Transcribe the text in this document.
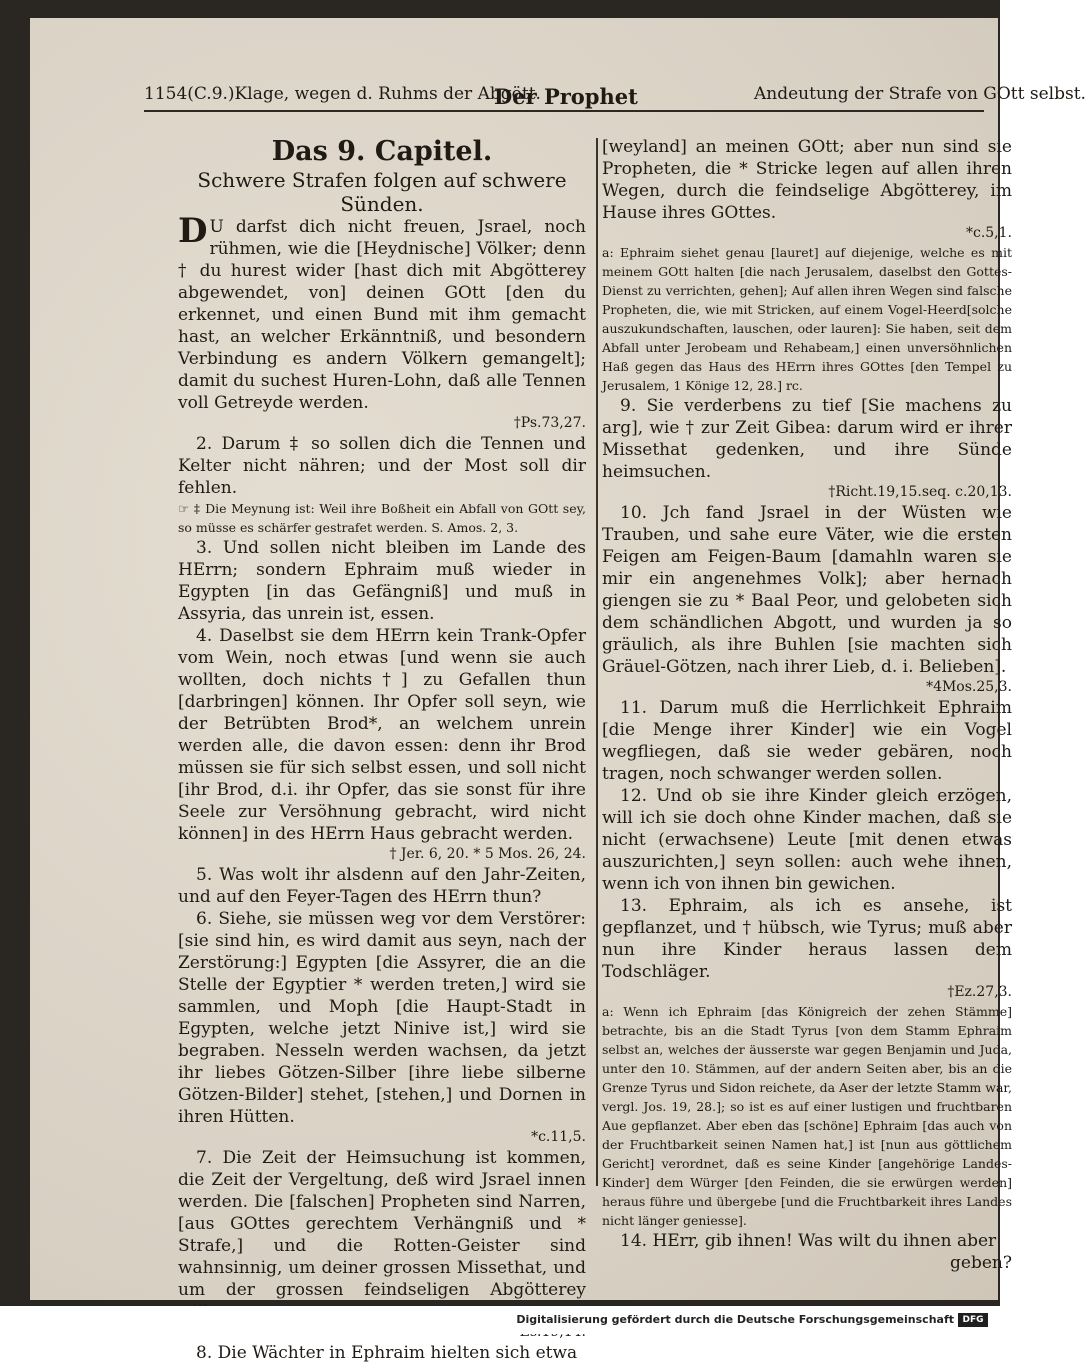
1154(C.9.)Klage, wegen d. Ruhms der Abgött.
Der Prophet	Andeutung der Strafe von GOtt selbst.

Das 9. Capitel.

Schwere Strafen folgen auf schwere Sünden.

D U darfst dich nicht freuen, Jsrael, noch rühmen, wie die [Heydnische] Völker; denn † du hurest wider [hast dich mit Abgötterey abgewendet, von] deinen GOtt [den du erkennet, und einen Bund mit ihm gemacht hast, an welcher Erkänntniß, und besondern Verbindung es andern Völkern gemangelt]; damit du suchest Huren-Lohn, daß alle Tennen voll Getreyde werden.
†Ps.73,27.

2. Darum ‡ so sollen dich die Tennen und Kelter nicht nähren; und der Most soll dir fehlen.

☞ ‡ Die Meynung ist: Weil ihre Boßheit ein Abfall von GOtt sey, so müsse es schärfer gestrafet werden. S. Amos. 2, 3.

3. Und sollen nicht bleiben im Lande des HErrn; sondern Ephraim muß wieder in Egypten [in das Gefängniß] und muß in Assyria, das unrein ist, essen.

4. Daselbst sie dem HErrn kein Trank-Opfer vom Wein, noch etwas [und wenn sie auch wollten, doch nichts†] zu Gefallen thun [darbringen] können. Ihr Opfer soll seyn, wie der Betrübten Brod*, an welchem unrein werden alle, die davon essen: denn ihr Brod müssen sie für sich selbst essen, und soll nicht [ihr Brod, d.i. ihr Opfer, das sie sonst für ihre Seele zur Versöhnung gebracht, wird nicht können] in des HErrn Haus gebracht werden.

† Jer. 6, 20. * 5 Mos. 26, 24.

5. Was wolt ihr alsdenn auf den Jahr-Zeiten, und auf den Feyer-Tagen des HErrn thun?

6. Siehe, sie müssen weg vor dem Verstörer: [sie sind hin, es wird damit aus seyn, nach der Zerstörung:] Egypten [die Assyrer, die an die Stelle der Egyptier * werden treten,] wird sie sammlen, und Moph [die Haupt-Stadt in Egypten, welche jetzt Ninive ist,] wird sie begraben. Nesseln werden wachsen, da jetzt ihr liebes Götzen-Silber [ihre liebe silberne Götzen-Bilder] stehet, [stehen,] und Dornen in ihren Hütten.

*c.11,5.

7. Die Zeit der Heimsuchung ist kommen, die Zeit der Vergeltung, deß wird Jsrael innen werden. Die [falschen] Propheten sind Narren, [aus GOttes gerechtem Verhängniß und * Strafe,] und die Rotten-Geister sind wahnsinnig, um deiner grossen Missethat, und um der grossen feindseligen Abgötterey

8. Die Wächter in Ephraim hielten sich etwa

[weyland] an meinen GOtt; aber nun sind sie Propheten, die * Stricke legen auf allen ihren Wegen, durch die feindselige Abgötterey, im Hause ihres GOttes.

*c.5,1.

a: Ephraim siehet genau [lauret] auf diejenige, welche es mit meinem GOtt halten [die nach Jerusalem, daselbst den Gottes-Dienst zu verrichten, gehen]; Auf allen ihren Wegen sind falsche Propheten, die, wie mit Stricken, auf einem Vogel-Heerd[solche auszukundschaften, lauschen, oder lauren]: Sie haben, seit dem Abfall unter Jerobeam und Rehabeam,] einen unversöhnlichen Haß gegen das Haus des HErrn ihres GOttes [den Tempel zu Jerusalem, 1 Könige 12, 28.] rc.

9. Sie verderbens zu tief [Sie machens zu arg], wie † zur Zeit Gibea: darum wird er ihrer Missethat gedenken, und ihre Sünde heimsuchen.

†Richt.19,15.seq. c.20,13.

10. Jch fand Jsrael in der Wüsten wie Trauben, und sahe eure Väter, wie die ersten Feigen am Feigen-Baum [damahln waren sie mir ein angenehmes Volk]; aber hernach giengen sie zu * Baal Peor, und gelobeten sich dem schändlichen Abgott, und wurden ja so gräulich, als ihre Buhlen [sie machten sich Gräuel-Götzen, nach ihrer Lieb, d. i. Belieben].

*4Mos.25,3.

11. Darum muß die Herrlichkeit Ephraim [die Menge ihrer Kinder] wie ein Vogel wegfliegen, daß sie weder gebären, noch tragen, noch schwanger werden sollen.

12. Und ob sie ihre Kinder gleich erzögen, will ich sie doch ohne Kinder machen, daß sie nicht (erwachsene) Leute [mit denen etwas auszurichten,] seyn sollen: auch wehe ihnen, wenn ich von ihnen bin gewichen.

13. Ephraim, als ich es ansehe, ist gepflanzet, und † hübsch, wie Tyrus; muß aber nun ihre Kinder heraus lassen dem Todschläger.

†Ez.27,3.

a: Wenn ich Ephraim [das Königreich der zehen Stämme] betrachte, bis an die Stadt Tyrus [von dem Stamm Ephraim selbst an, welches der äusserste war gegen Benjamin und Juda, unter den 10. Stämmen, auf der andern Seiten aber, bis an die Grenze Tyrus und Sidon reichete, da Aser der letzte Stamm war, vergl. Jos. 19, 28.]; so ist es auf einer lustigen und fruchtbaren Aue gepflanzet. Aber eben das [schöne] Ephraim [das auch von der Fruchtbarkeit seinen Namen hat,] ist [nun aus göttlichem Gericht] verordnet, daß es seine Kinder [angehörige Landes-Kinder] dem Würger [den Feinden, die sie erwürgen werden] heraus führe und übergebe [und die Fruchtbarkeit ihres Landes nicht länger geniesse].

14. HErr, gib ihnen! Was wilt du ihnen aber

geben?

Digitalisierung gefördert durch die Deutsche Forschungsgemeinschaft DFG
